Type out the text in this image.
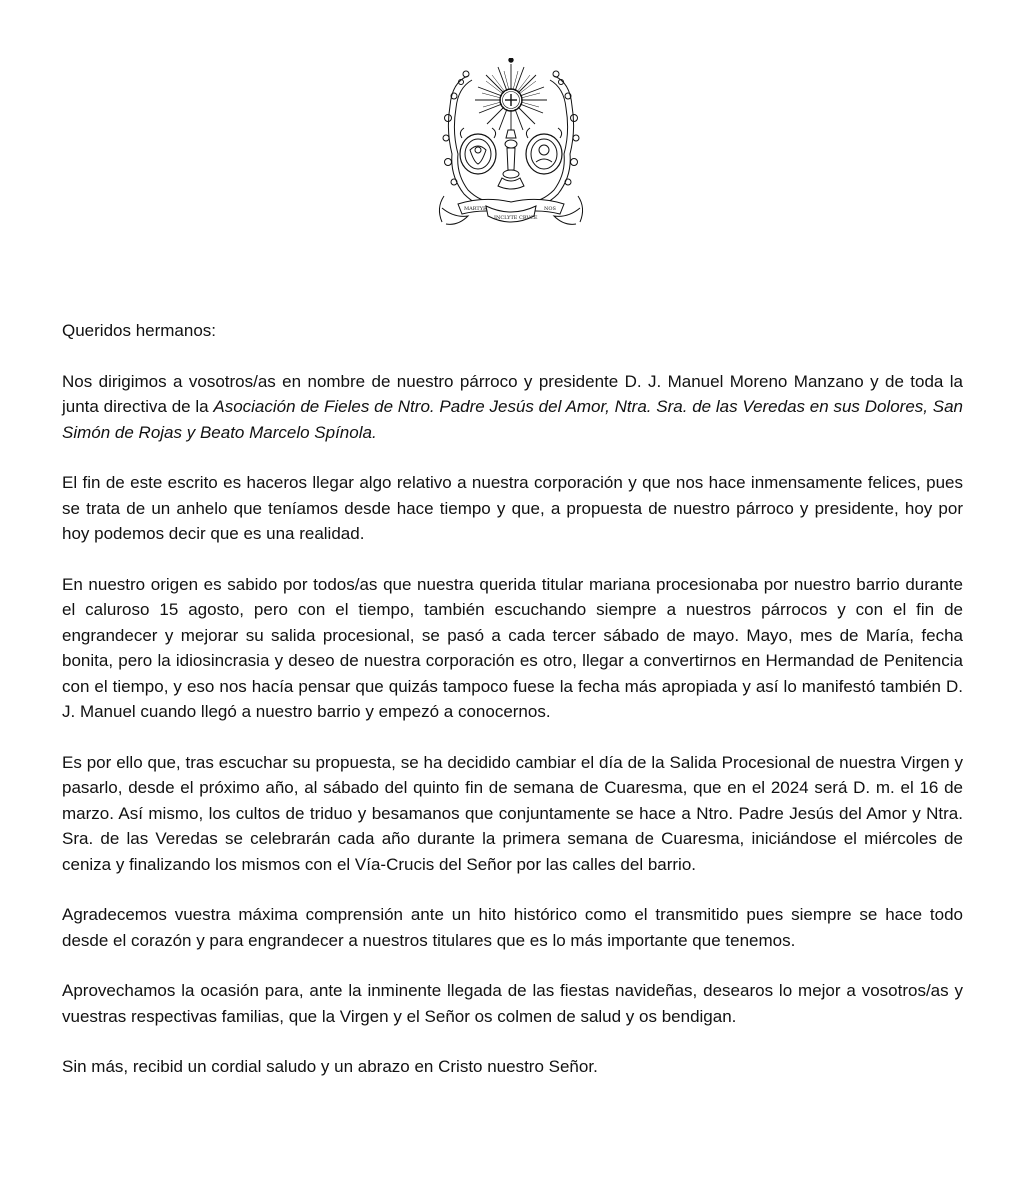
MARTYR
INCLYTE CRVCE
NOS

Queridos hermanos:

Nos dirigimos a vosotros/as en nombre de nuestro párroco y presidente D. J. Manuel Moreno Manzano y de toda la junta directiva de la Asociación de Fieles de Ntro. Padre Jesús del Amor, Ntra. Sra. de las Veredas en sus Dolores, San Simón de Rojas y Beato Marcelo Spínola.

El fin de este escrito es haceros llegar algo relativo a nuestra corporación y que nos hace inmensamente felices, pues se trata de un anhelo que teníamos desde hace tiempo y que, a propuesta de nuestro párroco y presidente, hoy por hoy podemos decir que es una realidad.

En nuestro origen es sabido por todos/as que nuestra querida titular mariana procesionaba por nuestro barrio durante el caluroso 15 agosto, pero con el tiempo, también escuchando siempre a nuestros párrocos y con el fin de engrandecer y mejorar su salida procesional, se pasó a cada tercer sábado de mayo. Mayo, mes de María, fecha bonita, pero la idiosincrasia y deseo de nuestra corporación es otro, llegar a convertirnos en Hermandad de Penitencia con el tiempo, y eso nos hacía pensar que quizás tampoco fuese la fecha más apropiada y así lo manifestó también D. J. Manuel cuando llegó a nuestro barrio y empezó a conocernos.

Es por ello que, tras escuchar su propuesta, se ha decidido cambiar el día de la Salida Procesional de nuestra Virgen y pasarlo, desde el próximo año, al sábado del quinto fin de semana de Cuaresma, que en el 2024 será D. m. el 16 de marzo. Así mismo, los cultos de triduo y besamanos que conjuntamente se hace a Ntro. Padre Jesús del Amor y Ntra. Sra. de las Veredas se celebrarán cada año durante la primera semana de Cuaresma, iniciándose el miércoles de ceniza y finalizando los mismos con el Vía-Crucis del Señor por las calles del barrio.

Agradecemos vuestra máxima comprensión ante un hito histórico como el transmitido pues siempre se hace todo desde el corazón y para engrandecer a nuestros titulares que es lo más importante que tenemos.

Aprovechamos la ocasión para, ante la inminente llegada de las fiestas navideñas, desearos lo mejor a vosotros/as y vuestras respectivas familias, que la Virgen y el Señor os colmen de salud y os bendigan.

Sin más, recibid un cordial saludo y un abrazo en Cristo nuestro Señor.
